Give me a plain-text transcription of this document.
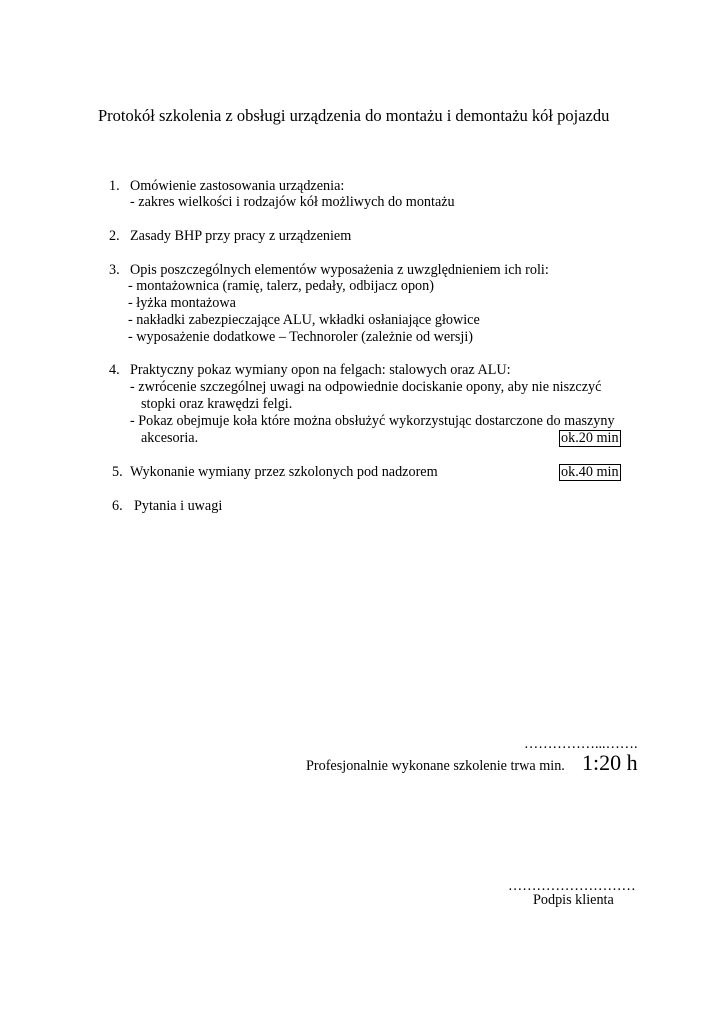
Protokół szkolenia z obsługi urządzenia do montażu i demontażu kół pojazdu
1. Omówienie zastosowania urządzenia:
- zakres wielkości i rodzajów kół możliwych do montażu
2. Zasady BHP przy pracy z urządzeniem
3. Opis poszczególnych elementów wyposażenia z uwzględnieniem ich roli:
- montażownica (ramię, talerz, pedały, odbijacz opon)
- łyżka montażowa
- nakładki zabezpieczające ALU, wkładki osłaniające głowice
- wyposażenie dodatkowe – Technoroler (zależnie od wersji)
4. Praktyczny pokaz wymiany opon na felgach: stalowych oraz ALU:
- zwrócenie szczególnej uwagi na odpowiednie dociskanie opony, aby nie niszczyć
stopki oraz krawędzi felgi.
- Pokaz obejmuje koła które można obsłużyć wykorzystując dostarczone do maszyny
akcesoria.	ok.20 min
5. Wykonanie wymiany przez szkolonych pod nadzorem	ok.40 min
6. Pytania i uwagi
……………...…….
Profesjonalnie wykonane szkolenie trwa min. 1:20 h
………………………
Podpis klienta
